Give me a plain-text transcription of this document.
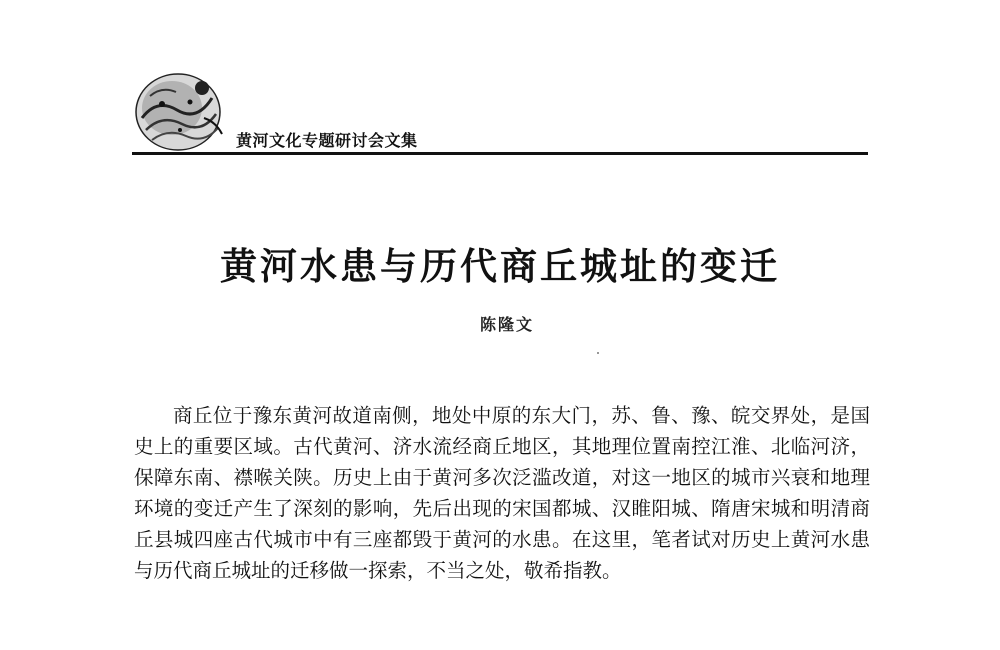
黄河文化专题研讨会文集
黄河水患与历代商丘城址的变迁
陈隆文

商丘位于豫东黄河故道南侧，地处中原的东大门，苏、鲁、豫、皖交界处，是国史上的重要区域。古代黄河、济水流经商丘地区，其地理位置南控江淮、北临河济，保障东南、襟喉关陕。历史上由于黄河多次泛滥改道，对这一地区的城市兴衰和地理环境的变迁产生了深刻的影响，先后出现的宋国都城、汉睢阳城、隋唐宋城和明清商丘县城四座古代城市中有三座都毁于黄河的水患。在这里，笔者试对历史上黄河水患与历代商丘城址的迁移做一探索，不当之处，敬希指教。
